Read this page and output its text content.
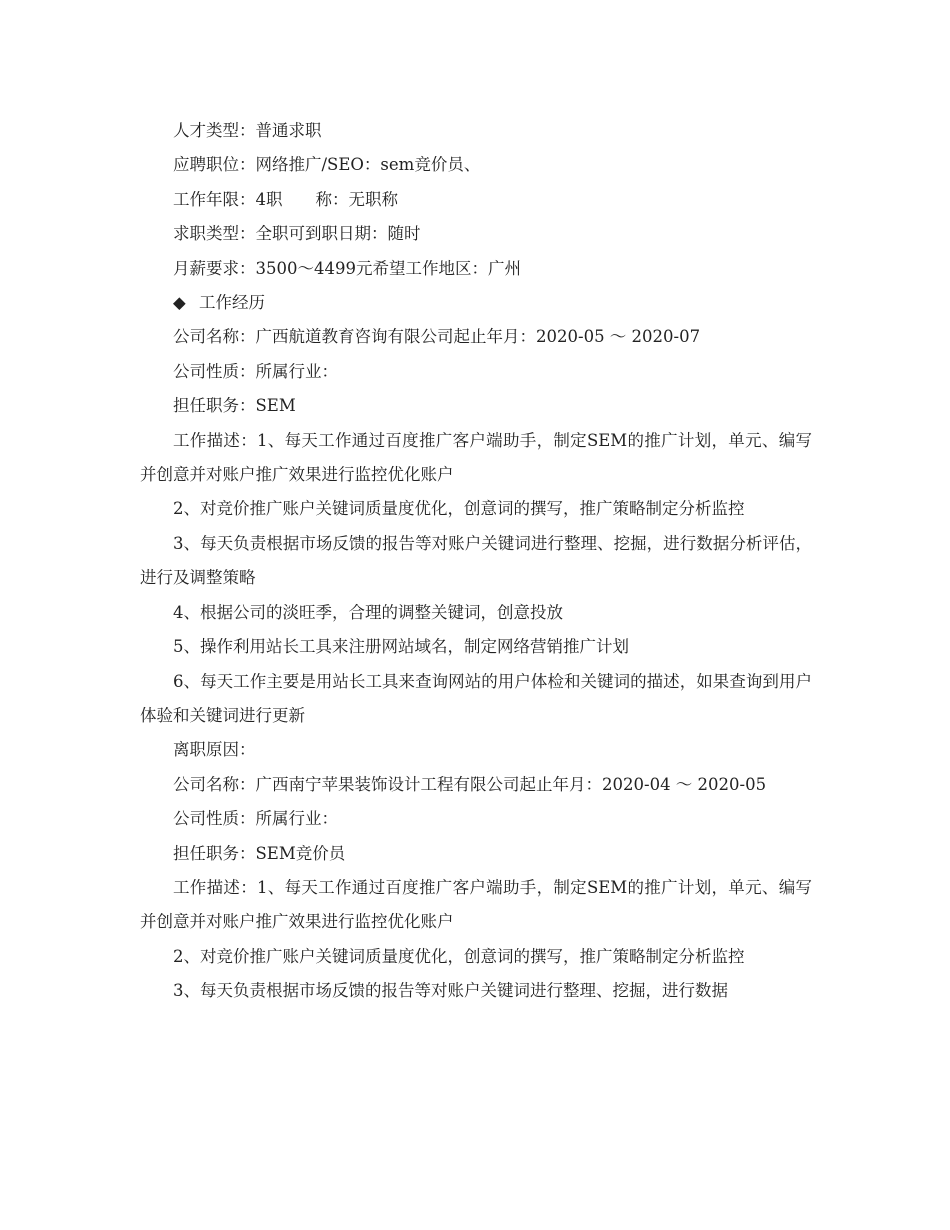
人才类型：普通求职

应聘职位：网络推广/SEO：sem竞价员、

工作年限：4职　　称：无职称

求职类型：全职可到职日期：随时

月薪要求：3500～4499元希望工作地区：广州

◆ 工作经历

公司名称：广西航道教育咨询有限公司起止年月：2020-05 ～ 2020-07

公司性质：所属行业：

担任职务：SEM

工作描述：1、每天工作通过百度推广客户端助手，制定SEM的推广计划，单元、编写并创意并对账户推广效果进行监控优化账户

2、对竞价推广账户关键词质量度优化，创意词的撰写，推广策略制定分析监控

3、每天负责根据市场反馈的报告等对账户关键词进行整理、挖掘，进行数据分析评估，进行及调整策略

4、根据公司的淡旺季，合理的调整关键词，创意投放

5、操作利用站长工具来注册网站域名，制定网络营销推广计划

6、每天工作主要是用站长工具来查询网站的用户体检和关键词的描述，如果查询到用户体验和关键词进行更新

离职原因：

公司名称：广西南宁苹果装饰设计工程有限公司起止年月：2020-04 ～ 2020-05

公司性质：所属行业：

担任职务：SEM竞价员

工作描述：1、每天工作通过百度推广客户端助手，制定SEM的推广计划，单元、编写并创意并对账户推广效果进行监控优化账户

2、对竞价推广账户关键词质量度优化，创意词的撰写，推广策略制定分析监控

3、每天负责根据市场反馈的报告等对账户关键词进行整理、挖掘，进行数据
